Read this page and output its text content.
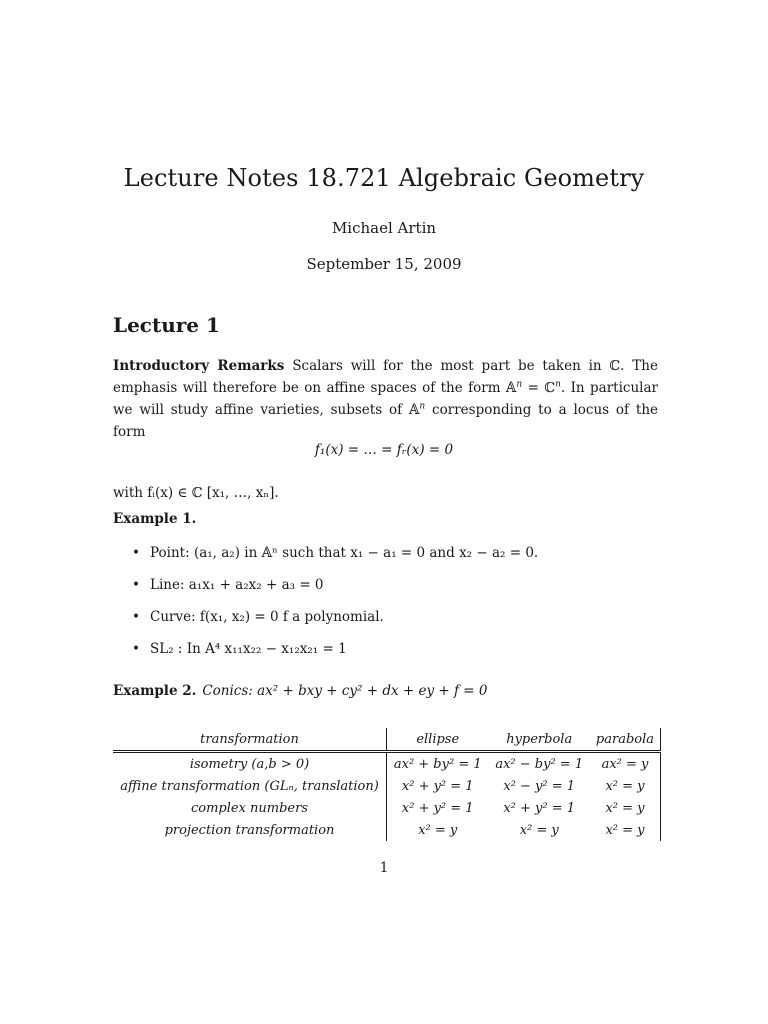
Lecture Notes 18.721 Algebraic Geometry
Michael Artin
September 15, 2009
Lecture 1
Introductory Remarks Scalars will for the most part be taken in ℂ. The emphasis will therefore be on affine spaces of the form 𝔸$^n$ = ℂ$^n$. In particular we will study affine varieties, subsets of 𝔸$^n$ corresponding to a locus of the form
f₁(x) = … = fᵣ(x) = 0
with fᵢ(x) ∈ ℂ [x₁, …, xₙ].
Example 1.
• Point: (a₁, a₂) in 𝔸ⁿ such that x₁ − a₁ = 0 and x₂ − a₂ = 0.
• Line: a₁x₁ + a₂x₂ + a₃ = 0
• Curve: f(x₁, x₂) = 0 f a polynomial.
• SL₂ : In A⁴ x₁₁x₂₂ − x₁₂x₂₁ = 1
Example 2. Conics: ax² + bxy + cy² + dx + ey + f = 0
transformation	ellipse	hyperbola	parabola
isometry (a,b > 0)	ax² + by² = 1	ax² − by² = 1	ax² = y
affine transformation (GLₙ, translation)	x² + y² = 1	x² − y² = 1	x² = y
complex numbers	x² + y² = 1	x² + y² = 1	x² = y
projection transformation	x² = y	x² = y	x² = y
1
